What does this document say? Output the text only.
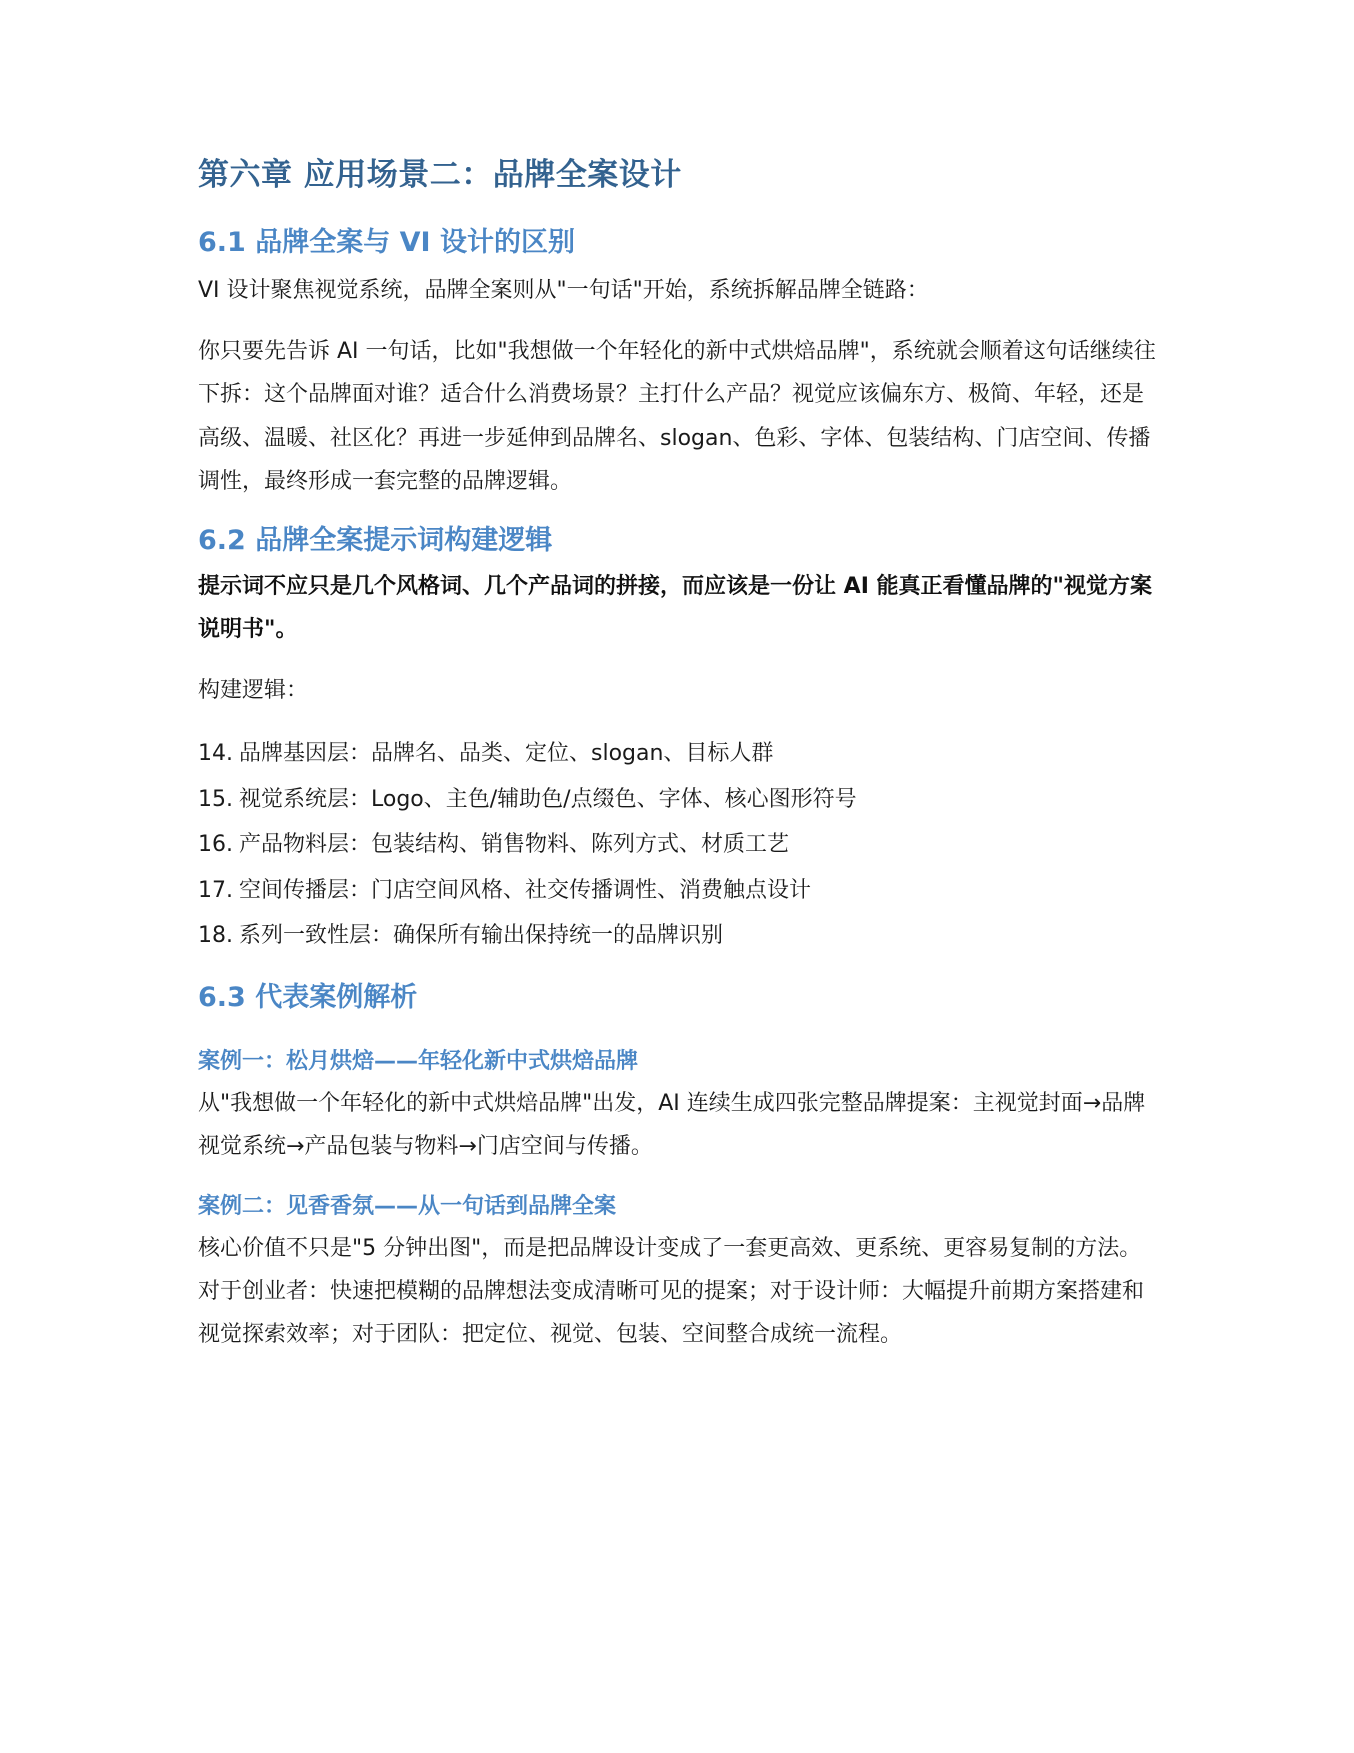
第六章 应用场景二：品牌全案设计
6.1 品牌全案与 VI 设计的区别

VI 设计聚焦视觉系统，品牌全案则从"一句话"开始，系统拆解品牌全链路：

你只要先告诉 AI 一句话，比如"我想做一个年轻化的新中式烘焙品牌"，系统就会顺着这句话继续往下拆：这个品牌面对谁？适合什么消费场景？主打什么产品？视觉应该偏东方、极简、年轻，还是高级、温暖、社区化？再进一步延伸到品牌名、slogan、色彩、字体、包装结构、门店空间、传播调性，最终形成一套完整的品牌逻辑。

6.2 品牌全案提示词构建逻辑

提示词不应只是几个风格词、几个产品词的拼接，而应该是一份让 AI 能真正看懂品牌的"视觉方案说明书"。

构建逻辑：

14. 品牌基因层：品牌名、品类、定位、slogan、目标人群
15. 视觉系统层：Logo、主色/辅助色/点缀色、字体、核心图形符号
16. 产品物料层：包装结构、销售物料、陈列方式、材质工艺
17. 空间传播层：门店空间风格、社交传播调性、消费触点设计
18. 系列一致性层：确保所有输出保持统一的品牌识别
6.3 代表案例解析
案例一：松月烘焙——年轻化新中式烘焙品牌

从"我想做一个年轻化的新中式烘焙品牌"出发，AI 连续生成四张完整品牌提案：主视觉封面→品牌视觉系统→产品包装与物料→门店空间与传播。

案例二：见香香氛——从一句话到品牌全案

核心价值不只是"5 分钟出图"，而是把品牌设计变成了一套更高效、更系统、更容易复制的方法。对于创业者：快速把模糊的品牌想法变成清晰可见的提案；对于设计师：大幅提升前期方案搭建和视觉探索效率；对于团队：把定位、视觉、包装、空间整合成统一流程。
